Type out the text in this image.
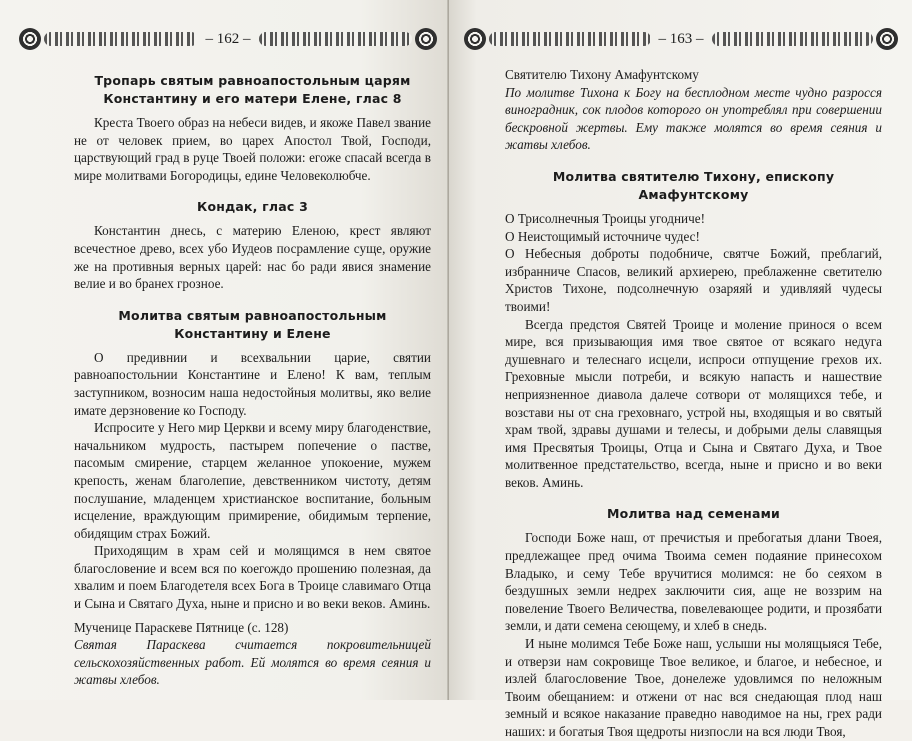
– 162 –
Тропарь святым равноапостольным царям Константину и его матери Елене, глас 8

Креста Твоего образ на небеси видев, и якоже Павел звание не от человек прием, во царех Апостол Твой, Господи, царствующий град в руце Твоей положи: егоже спасай всегда в мире молитвами Богородицы, едине Человеколюбче.

Кондак, глас 3

Константин днесь, с материю Еленою, крест являют всечестное древо, всех убо Иудеов посрамление суще, оружие же на противныя верных царей: нас бо ради явися знамение велие и во бранех грозное.

Молитва святым равноапостольным Константину и Елене

О предивнии и всехвальнии царие, святии равноапостольнии Константине и Елено! К вам, теплым заступником, возносим наша недостойныя молитвы, яко велие имате дерзновение ко Господу.

Испросите у Него мир Церкви и всему миру благоденствие, начальником мудрость, пастырем попечение о пастве, пасомым смирение, старцем желанное упокоение, мужем крепость, женам благолепие, девственником чистоту, детям послушание, младенцем христианское воспитание, больным исцеление, враждующим примирение, обидимым терпение, обидящим страх Божий.

Приходящим в храм сей и молящимся в нем святое благословение и всем вся по коегождо прошению полезная, да хвалим и поем Благодетеля всех Бога в Троице славимаго Отца и Сына и Святаго Духа, ныне и присно и во веки веков. Аминь.

Мученице Параскеве Пятнице (с. 128)

Святая Параскева считается покровительницей сельскохозяйственных работ. Ей молятся во время сеяния и жатвы хлебов.

– 163 –
Святителю Тихону Амафунтскому

По молитве Тихона к Богу на бесплодном месте чудно разросся виноградник, сок плодов которого он употреблял при совершении бескровной жертвы. Ему также молятся во время сеяния и жатвы хлебов.

Молитва святителю Тихону, епископу Амафунтскому

О Трисолнечныя Троицы угодниче!

О Неистощимый источниче чудес!

О Небесныя доброты подобниче, святче Божий, преблагий, избранниче Спасов, великий архиерею, преблаженне светителю Христов Тихоне, подсолнечную озаряяй и удивляяй чудесы твоими!

Всегда предстоя Святей Троице и моление принося о всем мире, вся призывающия имя твое святое от всякаго недуга душевнаго и телеснаго исцели, испроси отпущение грехов их. Греховные мысли потреби, и всякую напасть и нашествие неприязненное диавола далече сотвори от молящихся тебе, и возстави ны от сна греховнаго, устрой ны, входящыя и во святый храм твой, здравы душами и телесы, и добрыми делы славящыя имя Пресвятыя Троицы, Отца и Сына и Святаго Духа, и Твое молитвенное предстательство, всегда, ныне и присно и во веки веков. Аминь.

Молитва над семенами

Господи Боже наш, от пречистыя и пребогатыя длани Твоея, предлежащее пред очима Твоима семен подаяние принесохом Владыко, и сему Тебе вручитися молимся: не бо сеяхом в бездушных земли недрех заключити сия, аще не воззрим на повеление Твоего Величества, повелевающее родити, и прозябати земли, и дати семена сеющему, и хлеб в снедь.

И ныне молимся Тебе Боже наш, услыши ны молящыяся Тебе, и отверзи нам сокровище Твое великое, и благое, и небесное, и излей благословение Твое, донележе удовлимся по неложным Твоим обещанием: и отжени от нас вся снедающая плод наш земный и всякое наказание праведно наводимое на ны, грех ради наших: и богатыя Твоя щедроты низпосли на вся люди Твоя,
